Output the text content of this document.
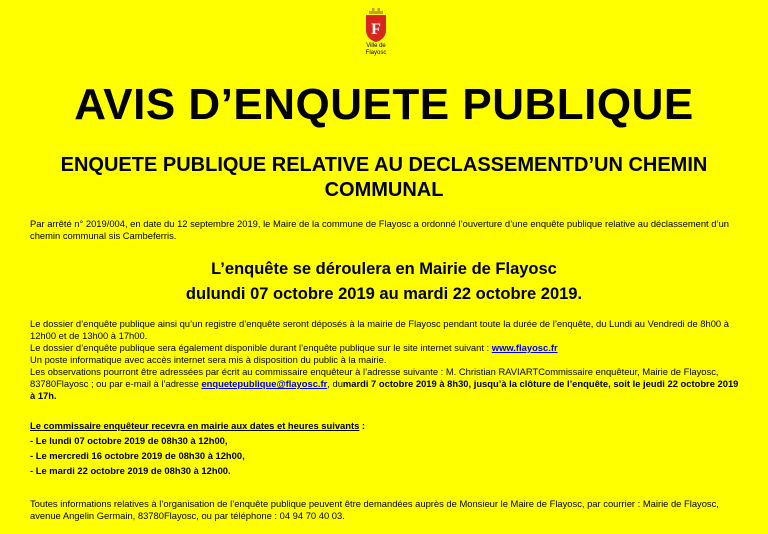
F
Ville de Flayosc
AVIS D’ENQUETE PUBLIQUE
ENQUETE PUBLIQUE RELATIVE AU DECLASSEMENTD’UN CHEMIN COMMUNAL

Par arrêté n° 2019/004, en date du 12 septembre 2019, le Maire de la commune de Flayosc a ordonné l’ouverture d’une enquête publique relative au déclassement d’un chemin communal sis Cambeferris.

L’enquête se déroulera en Mairie de Flayosc

dulundi 07 octobre 2019 au mardi 22 octobre 2019.

Le dossier d’enquête publique ainsi qu’un registre d’enquête seront déposés à la mairie de Flayosc pendant toute la durée de l’enquête, du Lundi au Vendredi de 8h00 à 12h00 et de 13h00 à 17h00.
Le dossier d’enquête publique sera également disponible durant l’enquête publique sur le site internet suivant : www.flayosc.fr
Un poste informatique avec accès internet sera mis à disposition du public à la mairie.
Les observations pourront être adressées par écrit au commissaire enquêteur à l’adresse suivante : M. Christian RAVIARTCommissaire enquêteur, Mairie de Flayosc, 83780Flayosc ; ou par e-mail à l’adresse enquetepublique@flayosc.fr, dumardi 7 octobre 2019 à 8h30, jusqu’à la clôture de l’enquête, soit le jeudi 22 octobre 2019 à 17h.
Le commissaire enquêteur recevra en mairie aux dates et heures suivants :
- Le lundi 07 octobre 2019 de 08h30 à 12h00,
- Le mercredi 16 octobre 2019 de 08h30 à 12h00,
- Le mardi 22 octobre 2019 de 08h30 à 12h00.

Toutes informations relatives à l’organisation de l’enquête publique peuvent être demandées auprès de Monsieur le Maire de Flayosc, par courrier : Mairie de Flayosc, avenue Angelin Germain, 83780Flayosc, ou par téléphone : 04 94 70 40 03.
